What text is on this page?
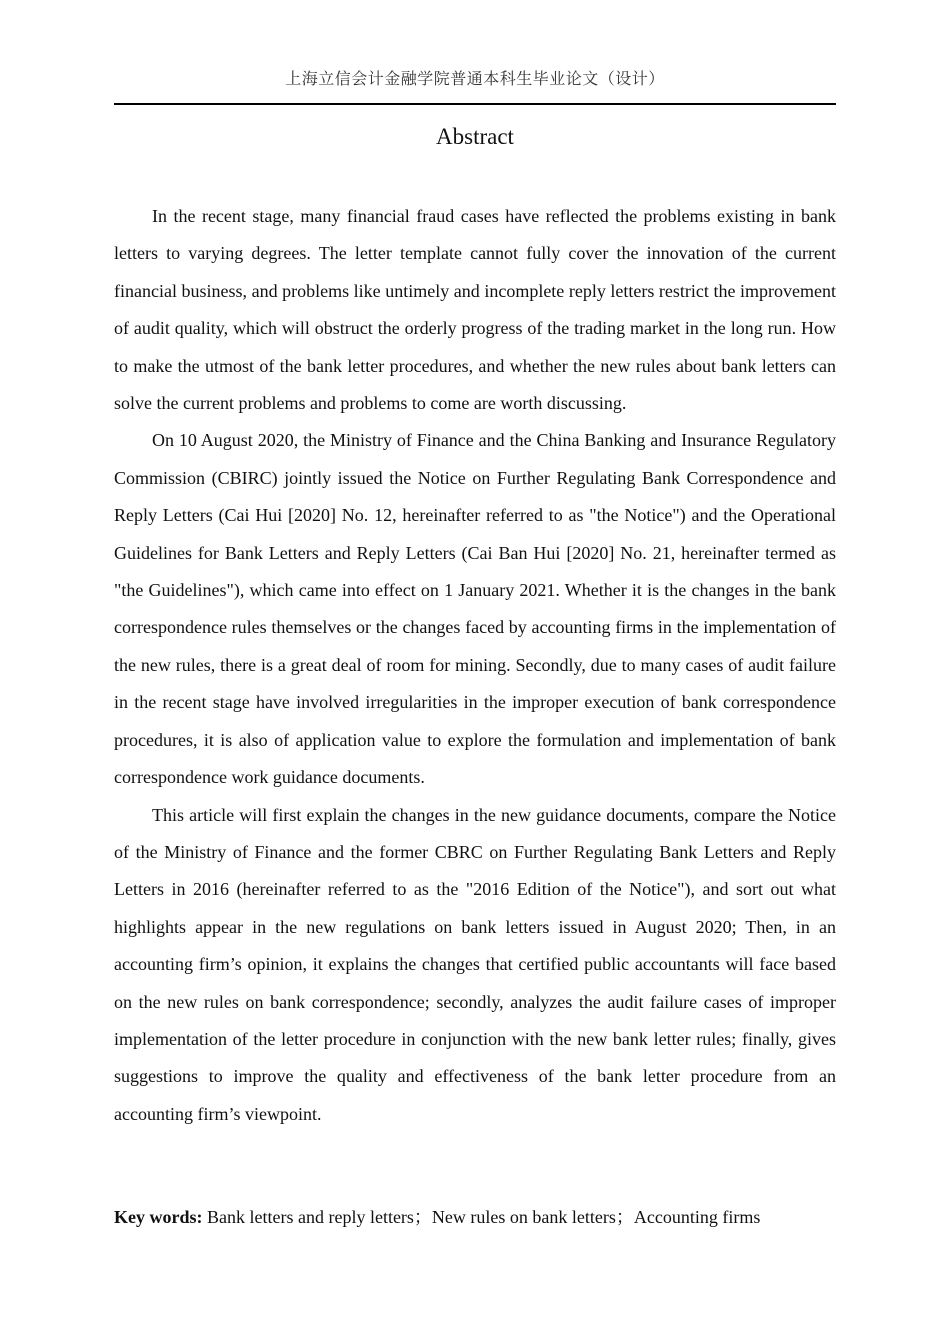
上海立信会计金融学院普通本科生毕业论文（设计）
Abstract

In the recent stage, many financial fraud cases have reflected the problems existing in bank letters to varying degrees. The letter template cannot fully cover the innovation of the current financial business, and problems like untimely and incomplete reply letters restrict the improvement of audit quality, which will obstruct the orderly progress of the trading market in the long run. How to make the utmost of the bank letter procedures, and whether the new rules about bank letters can solve the current problems and problems to come are worth discussing.

On 10 August 2020, the Ministry of Finance and the China Banking and Insurance Regulatory Commission (CBIRC) jointly issued the Notice on Further Regulating Bank Correspondence and Reply Letters (Cai Hui [2020] No. 12, hereinafter referred to as "the Notice") and the Operational Guidelines for Bank Letters and Reply Letters (Cai Ban Hui [2020] No. 21, hereinafter termed as "the Guidelines"), which came into effect on 1 January 2021. Whether it is the changes in the bank correspondence rules themselves or the changes faced by accounting firms in the implementation of the new rules, there is a great deal of room for mining. Secondly, due to many cases of audit failure in the recent stage have involved irregularities in the improper execution of bank correspondence procedures, it is also of application value to explore the formulation and implementation of bank correspondence work guidance documents.

This article will first explain the changes in the new guidance documents, compare the Notice of the Ministry of Finance and the former CBRC on Further Regulating Bank Letters and Reply Letters in 2016 (hereinafter referred to as the "2016 Edition of the Notice"), and sort out what highlights appear in the new regulations on bank letters issued in August 2020; Then, in an accounting firm’s opinion, it explains the changes that certified public accountants will face based on the new rules on bank correspondence; secondly, analyzes the audit failure cases of improper implementation of the letter procedure in conjunction with the new bank letter rules; finally, gives suggestions to improve the quality and effectiveness of the bank letter procedure from an accounting firm’s viewpoint.

Key words: Bank letters and reply letters；New rules on bank letters；Accounting firms
